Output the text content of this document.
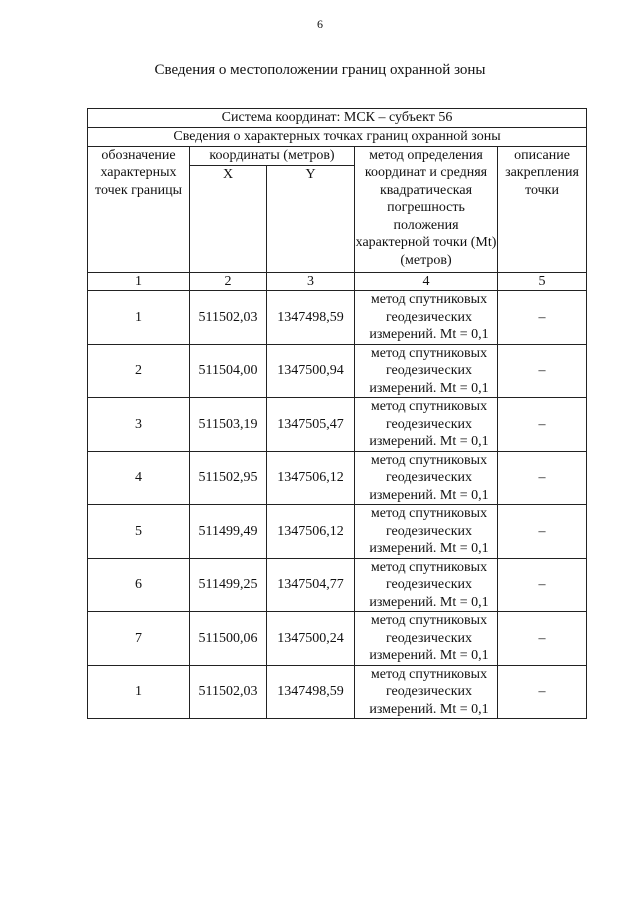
6
Сведения о местоположении границ охранной зоны
Система координат: МСК – субъект 56				
Сведения о характерных точках границ охранной зоны				
обозначение характерных точек границы	координаты (метров)		метод определения координат и средняя квадратическая погрешность положения характерной точки (Mt) (метров)	описание закрепления точки
	X	Y		
1	2	3	4	5
1	511502,03	1347498,59	метод спутниковых геодезических измерений. Mt = 0,1	–
2	511504,00	1347500,94	метод спутниковых геодезических измерений. Mt = 0,1	–
3	511503,19	1347505,47	метод спутниковых геодезических измерений. Mt = 0,1	–
4	511502,95	1347506,12	метод спутниковых геодезических измерений. Mt = 0,1	–
5	511499,49	1347506,12	метод спутниковых геодезических измерений. Mt = 0,1	–
6	511499,25	1347504,77	метод спутниковых геодезических измерений. Mt = 0,1	–
7	511500,06	1347500,24	метод спутниковых геодезических измерений. Mt = 0,1	–
1	511502,03	1347498,59	метод спутниковых геодезических измерений. Mt = 0,1	–
